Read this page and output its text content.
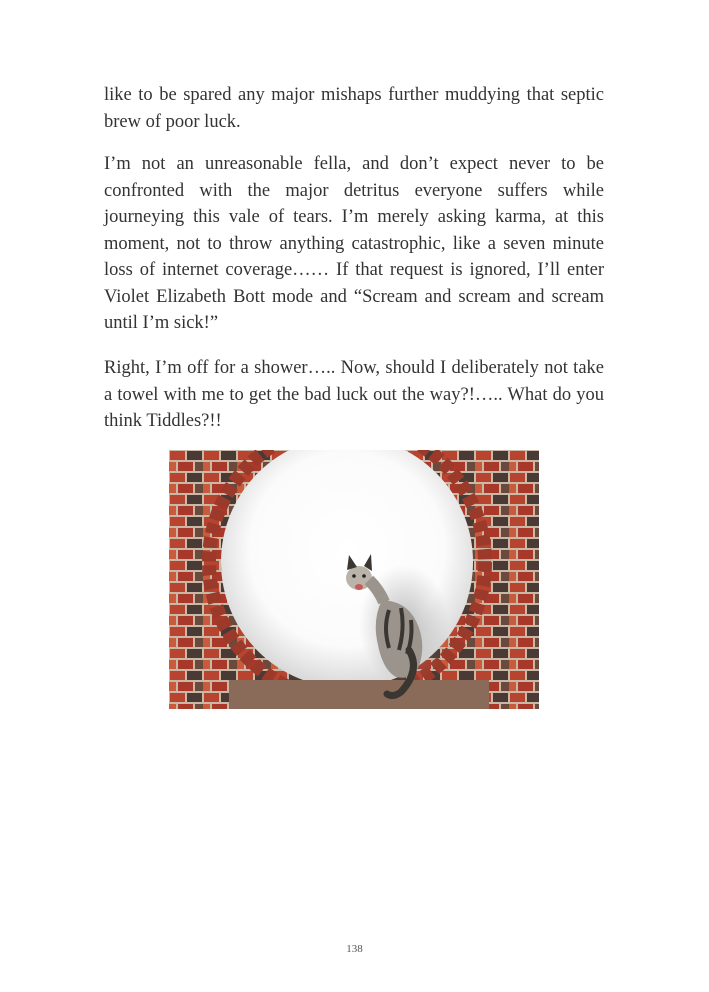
like to be spared any major mishaps further muddying that septic brew of poor luck.

I’m not an unreasonable fella, and don’t expect never to be confronted with the major detritus everyone suffers while journeying this vale of tears. I’m merely asking karma, at this moment, not to throw anything catastrophic, like a seven minute loss of internet coverage…… If that request is ignored, I’ll enter Violet Elizabeth Bott mode and “Scream and scream and scream until I’m sick!”

Right, I’m off for a shower….. Now, should I deliberately not take a towel with me to get the bad luck out the way?!….. What do you think Tiddles?!!

138
